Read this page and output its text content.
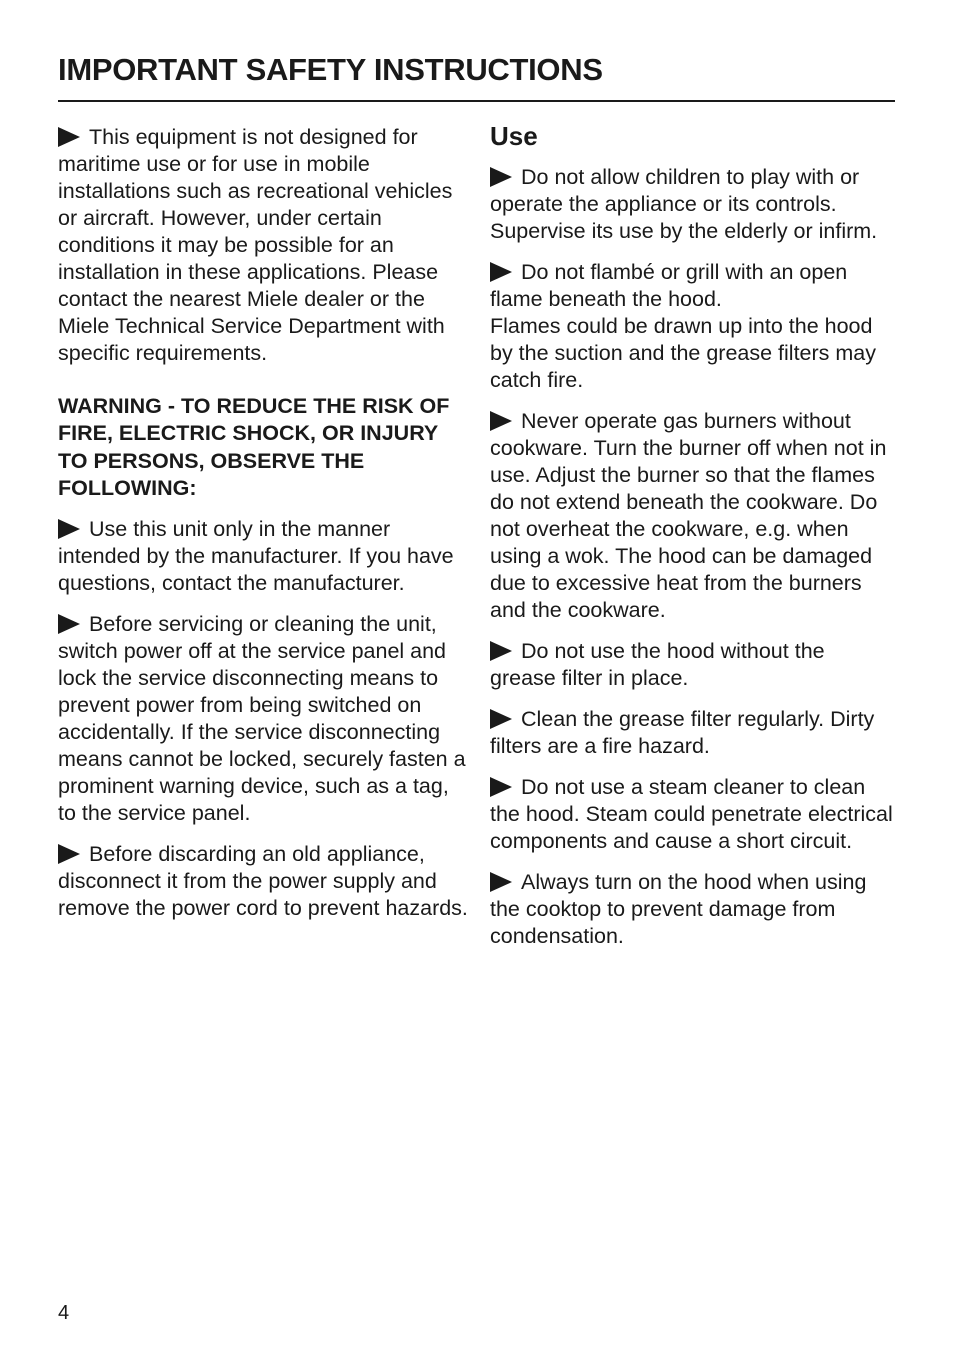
IMPORTANT SAFETY INSTRUCTIONS

This equipment is not designed for maritime use or for use in mobile installations such as recreational vehicles or aircraft. However, under certain conditions it may be possible for an installation in these applications. Please contact the nearest Miele dealer or the Miele Technical Service Department with specific requirements.

WARNING - TO REDUCE THE RISK OF FIRE, ELECTRIC SHOCK, OR INJURY TO PERSONS, OBSERVE THE FOLLOWING:

Use this unit only in the manner intended by the manufacturer. If you have questions, contact the manufacturer.

Before servicing or cleaning the unit, switch power off at the service panel and lock the service disconnecting means to prevent power from being switched on accidentally. If the service disconnecting means cannot be locked, securely fasten a prominent warning device, such as a tag, to the service panel.

Before discarding an old appliance, disconnect it from the power supply and remove the power cord to prevent hazards.

Use

Do not allow children to play with or operate the appliance or its controls. Supervise its use by the elderly or infirm.

Do not flambé or grill with an open flame beneath the hood.
Flames could be drawn up into the hood by the suction and the grease filters may catch fire.

Never operate gas burners without cookware. Turn the burner off when not in use. Adjust the burner so that the flames do not extend beneath the cookware. Do not overheat the cookware, e.g. when using a wok. The hood can be damaged due to excessive heat from the burners and the cookware.

Do not use the hood without the grease filter in place.

Clean the grease filter regularly. Dirty filters are a fire hazard.

Do not use a steam cleaner to clean the hood. Steam could penetrate electrical components and cause a short circuit.

Always turn on the hood when using the cooktop to prevent damage from condensation.

4
